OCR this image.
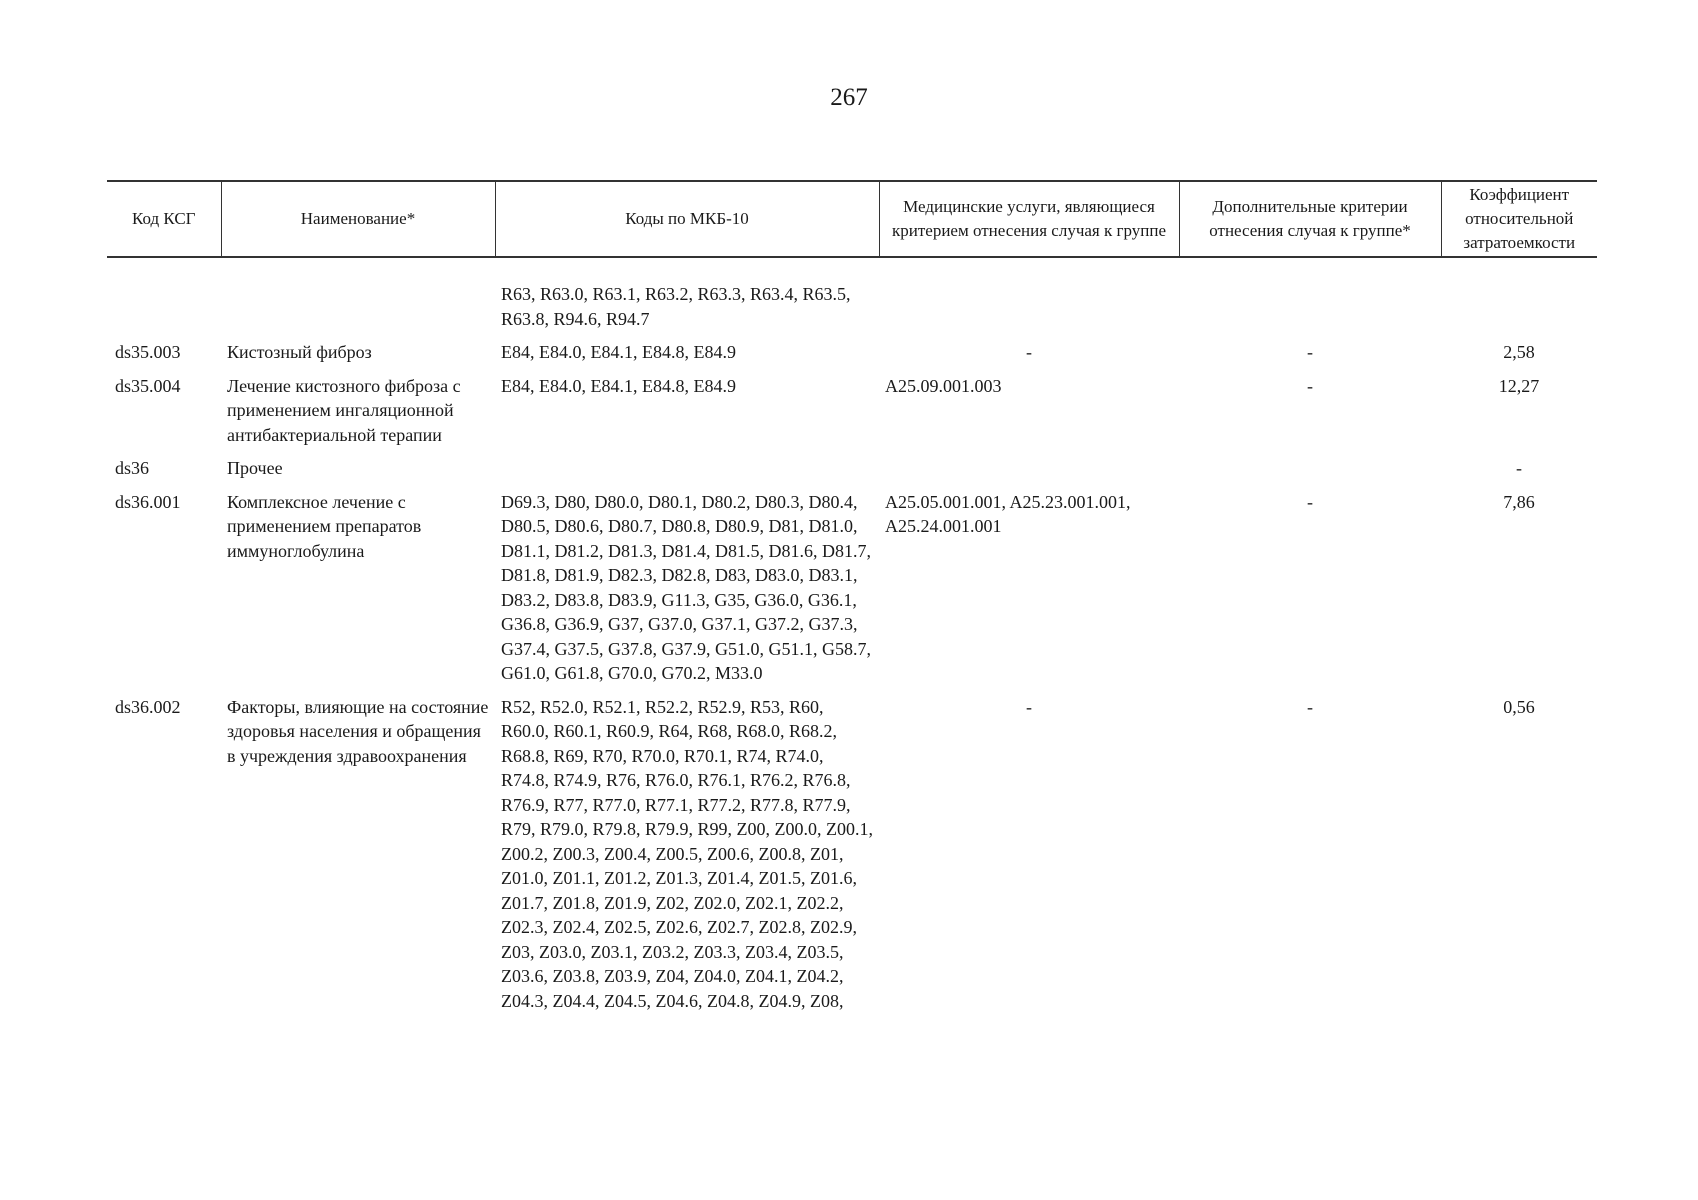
267
Код КСГ	Наименование*	Коды по МКБ-10	Медицинские услуги, являющиеся критерием отнесения случая к группе	Дополнительные критерии отнесения случая к группе*	Коэффициент относительной затратоемкости
		R63, R63.0, R63.1, R63.2, R63.3, R63.4, R63.5, R63.8, R94.6, R94.7			
ds35.003	Кистозный фиброз	E84, E84.0, E84.1, E84.8, E84.9	-	-	2,58
ds35.004	Лечение кистозного фиброза с применением ингаляционной антибактериальной терапии	E84, E84.0, E84.1, E84.8, E84.9	A25.09.001.003	-	12,27
ds36	Прочее				-
ds36.001	Комплексное лечение с применением препаратов иммуноглобулина	D69.3, D80, D80.0, D80.1, D80.2, D80.3, D80.4, D80.5, D80.6, D80.7, D80.8, D80.9, D81, D81.0, D81.1, D81.2, D81.3, D81.4, D81.5, D81.6, D81.7, D81.8, D81.9, D82.3, D82.8, D83, D83.0, D83.1, D83.2, D83.8, D83.9, G11.3, G35, G36.0, G36.1, G36.8, G36.9, G37, G37.0, G37.1, G37.2, G37.3, G37.4, G37.5, G37.8, G37.9, G51.0, G51.1, G58.7, G61.0, G61.8, G70.0, G70.2, M33.0	A25.05.001.001, A25.23.001.001, A25.24.001.001	-	7,86
ds36.002	Факторы, влияющие на состояние здоровья населения и обращения в учреждения здравоохранения	R52, R52.0, R52.1, R52.2, R52.9, R53, R60, R60.0, R60.1, R60.9, R64, R68, R68.0, R68.2, R68.8, R69, R70, R70.0, R70.1, R74, R74.0, R74.8, R74.9, R76, R76.0, R76.1, R76.2, R76.8, R76.9, R77, R77.0, R77.1, R77.2, R77.8, R77.9, R79, R79.0, R79.8, R79.9, R99, Z00, Z00.0, Z00.1, Z00.2, Z00.3, Z00.4, Z00.5, Z00.6, Z00.8, Z01, Z01.0, Z01.1, Z01.2, Z01.3, Z01.4, Z01.5, Z01.6, Z01.7, Z01.8, Z01.9, Z02, Z02.0, Z02.1, Z02.2, Z02.3, Z02.4, Z02.5, Z02.6, Z02.7, Z02.8, Z02.9, Z03, Z03.0, Z03.1, Z03.2, Z03.3, Z03.4, Z03.5, Z03.6, Z03.8, Z03.9, Z04, Z04.0, Z04.1, Z04.2, Z04.3, Z04.4, Z04.5, Z04.6, Z04.8, Z04.9, Z08,	-	-	0,56
